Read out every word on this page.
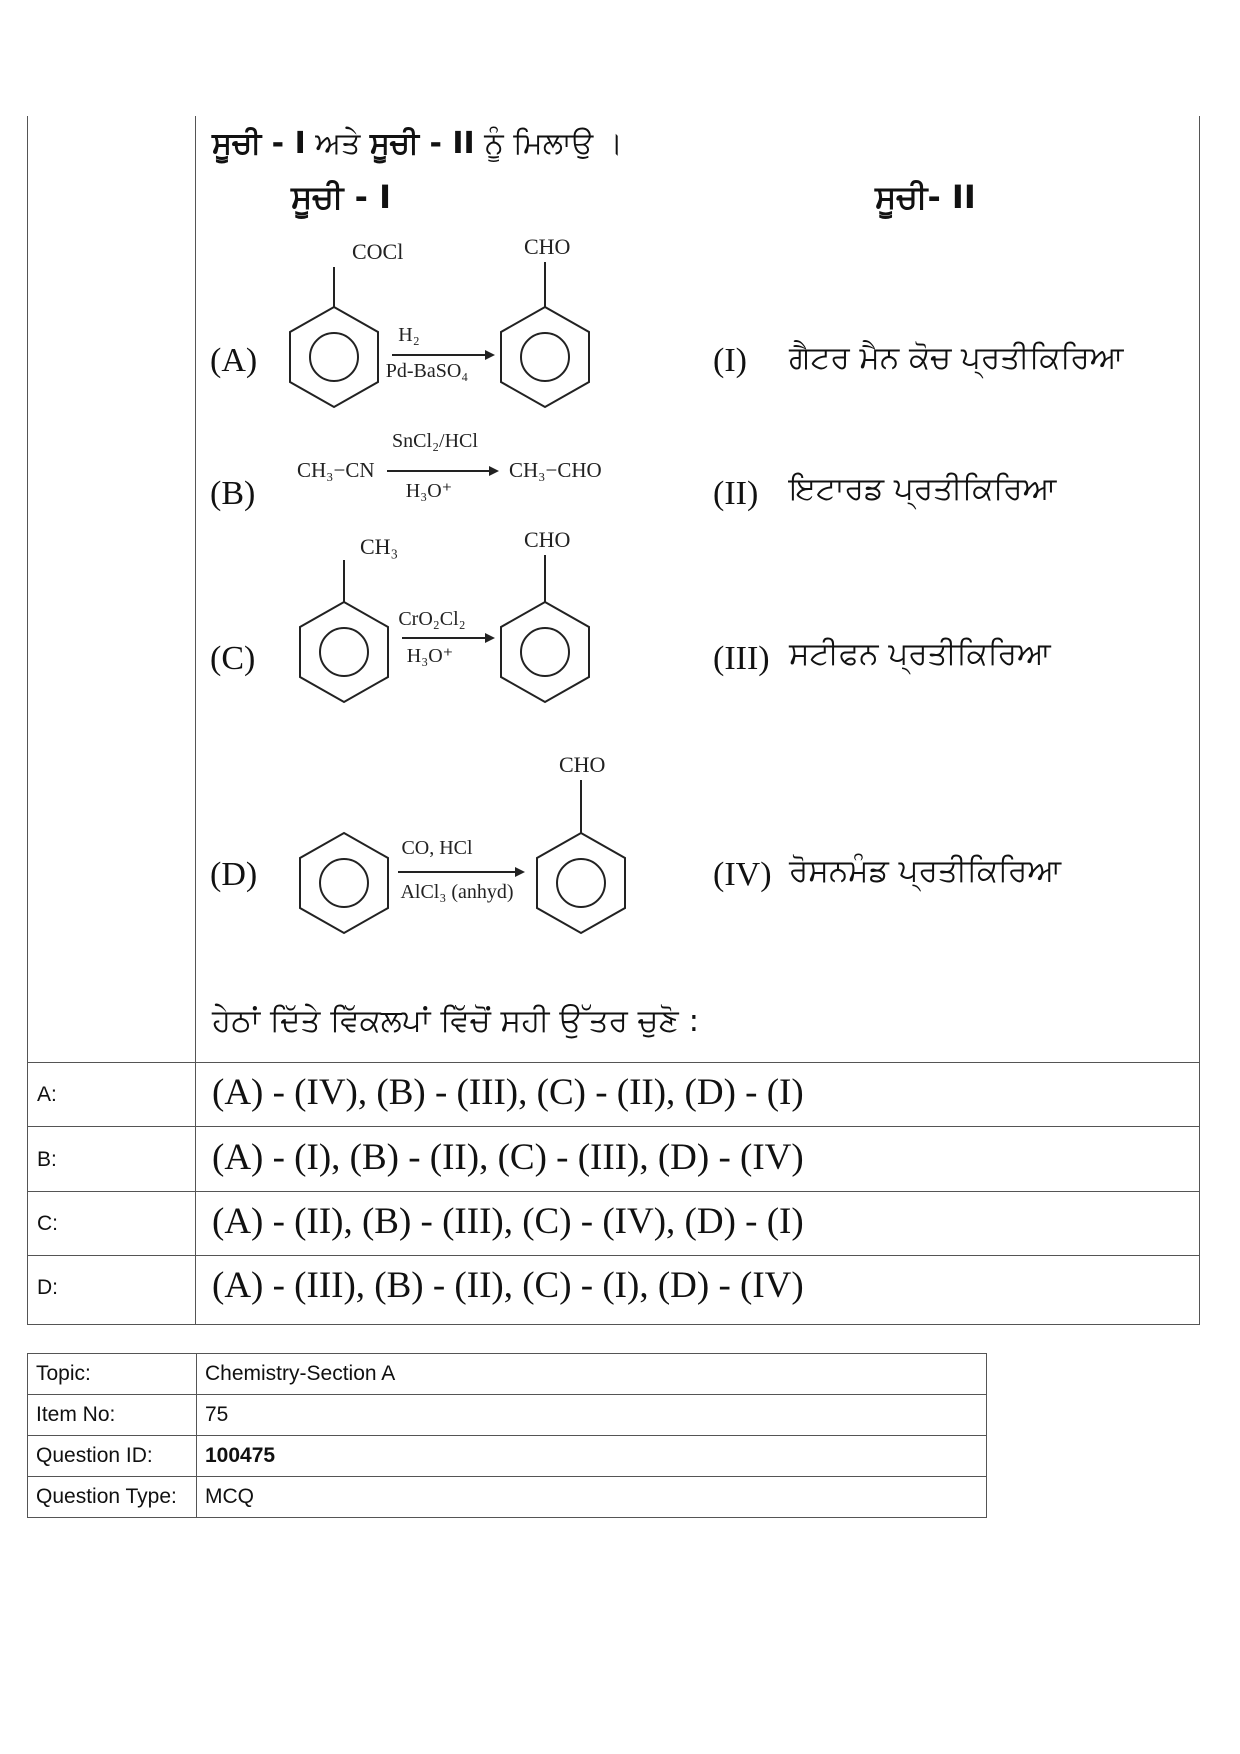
ਸੂਚੀ - I ਅਤੇ ਸੂਚੀ - II ਨੂੰ ਮਿਲਾਉ ।
ਸੂਚੀ - I	ਸੂਚੀ- II
(A)
COCl
H₂
Pd-BaSO₄
CHO
(I) ਗੈਟਰ ਮੈਨ ਕੋਚ ਪ੍ਰਤੀਕਿਰਿਆ
(B)
CH₃−CN
SnCl₂/HCl
H₃O⁺
CH₃−CHO
(II) ਇਟਾਰਡ ਪ੍ਰਤੀਕਿਰਿਆ
(C)
CH₃
CrO₂Cl₂
H₃O⁺
CHO
(III) ਸਟੀਫਨ ਪ੍ਰਤੀਕਿਰਿਆ
(D)
CO, HCl
AlCl₃ (anhyd)
CHO
(IV) ਰੋਸਨਮੰਡ ਪ੍ਰਤੀਕਿਰਿਆ
ਹੇਠਾਂ ਦਿੱਤੇ ਵਿੱਕਲਪਾਂ ਵਿੱਚੋਂ ਸਹੀ ਉੱਤਰ ਚੁਣੋ :
A:	(A) - (IV), (B) - (III), (C) - (II), (D) - (I)
B:	(A) - (I), (B) - (II), (C) - (III), (D) - (IV)
C:	(A) - (II), (B) - (III), (C) - (IV), (D) - (I)
D:	(A) - (III), (B) - (II), (C) - (I), (D) - (IV)
Topic:	Chemistry-Section A
Item No:	75
Question ID:	100475
Question Type:	MCQ
